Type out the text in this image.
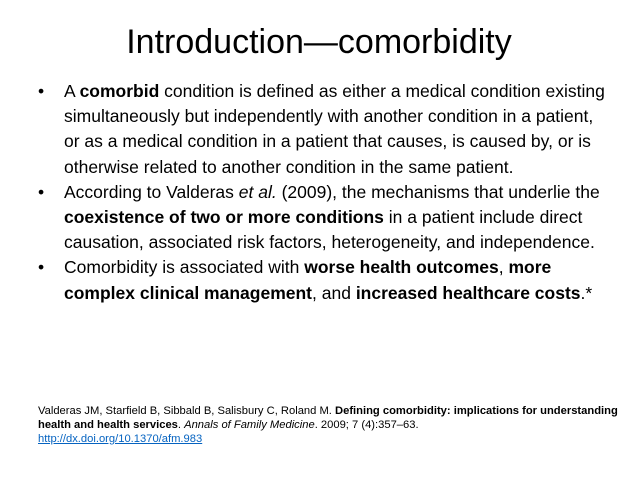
Introduction—comorbidity
•	A comorbid condition is defined as either a medical condition existing simultaneously but independently with another condition in a patient, or as a medical condition in a patient that causes, is caused by, or is otherwise related to another condition in the same patient.
•	According to Valderas et al. (2009), the mechanisms that underlie the coexistence of two or more conditions in a patient include direct causation, associated risk factors, heterogeneity, and independence.
•	Comorbidity is associated with worse health outcomes, more complex clinical management, and increased healthcare costs.*
Valderas JM, Starfield B, Sibbald B, Salisbury C, Roland M. Defining comorbidity: implications for understanding health and health services. Annals of Family Medicine. 2009; 7 (4):357–63.
http://dx.doi.org/10.1370/afm.983
